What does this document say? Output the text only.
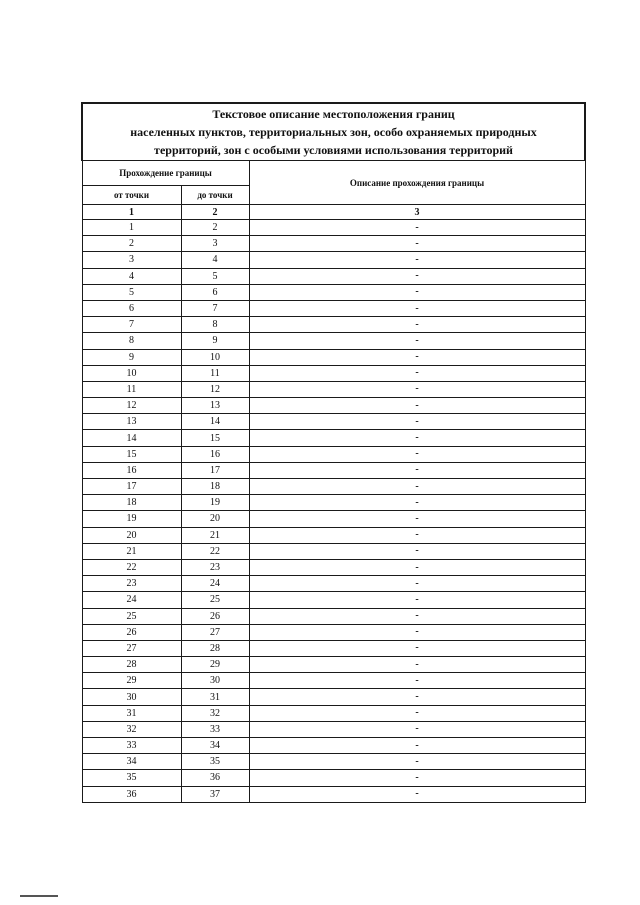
Текстовое описание местоположения границ
населенных пунктов, территориальных зон, особо охраняемых природных
территорий, зон с особыми условиями использования территорий		

Прохождение границы		Описание прохождения границы
от точки	до точки	
1	2	3
1	2	-
2	3	-
3	4	-
4	5	-
5	6	-
6	7	-
7	8	-
8	9	-
9	10	-
10	11	-
11	12	-
12	13	-
13	14	-
14	15	-
15	16	-
16	17	-
17	18	-
18	19	-
19	20	-
20	21	-
21	22	-
22	23	-
23	24	-
24	25	-
25	26	-
26	27	-
27	28	-
28	29	-
29	30	-
30	31	-
31	32	-
32	33	-
33	34	-
34	35	-
35	36	-
36	37	-
